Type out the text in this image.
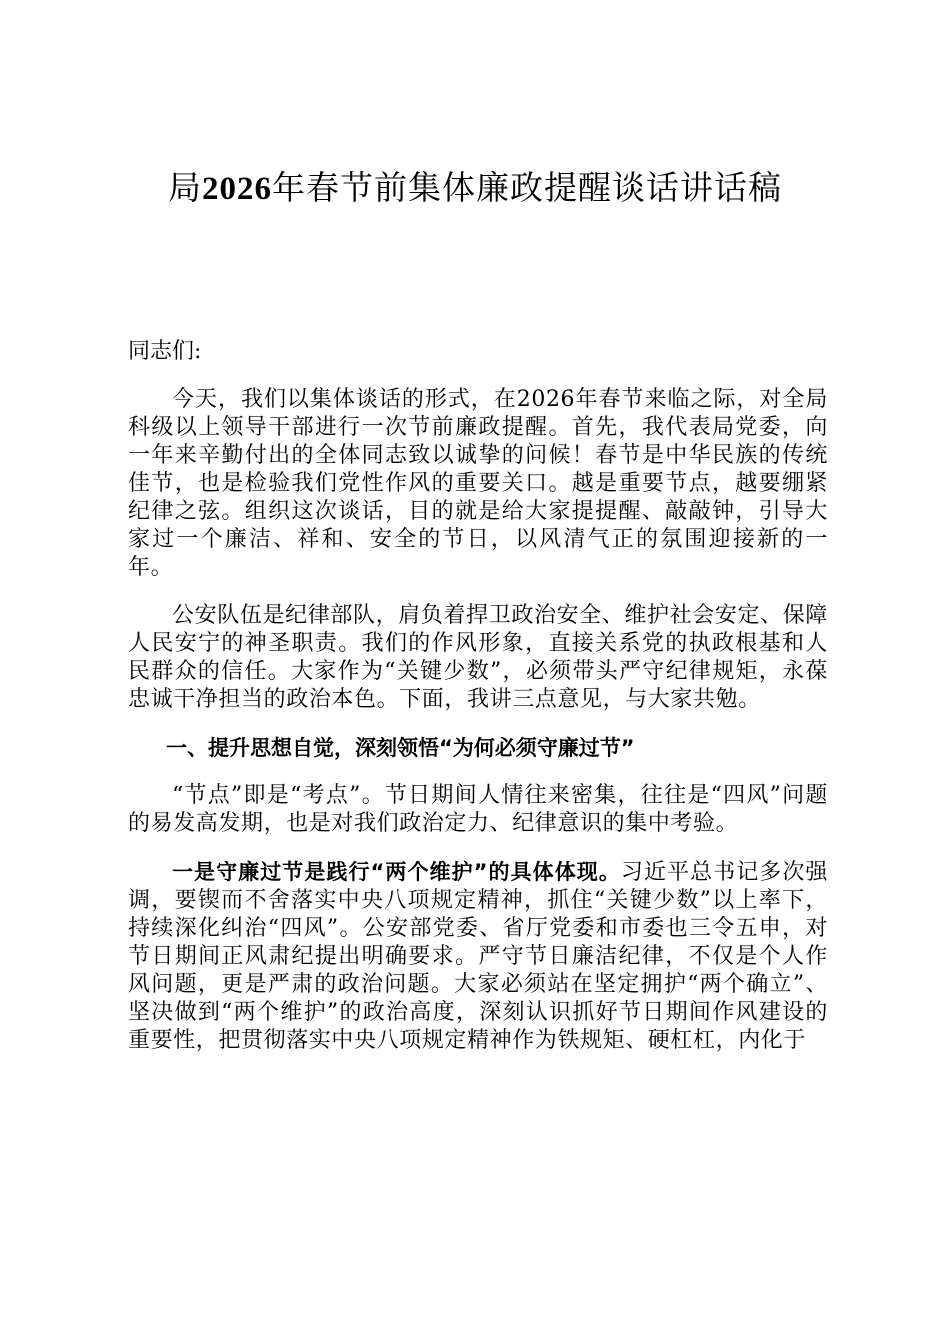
局2026年春节前集体廉政提醒谈话讲话稿
同志们:

今天，我们以集体谈话的形式，在2026年春节来临之际，对全局科级以上领导干部进行一次节前廉政提醒。首先，我代表局党委，向一年来辛勤付出的全体同志致以诚挚的问候！春节是中华民族的传统佳节，也是检验我们党性作风的重要关口。越是重要节点，越要绷紧纪律之弦。组织这次谈话，目的就是给大家提提醒、敲敲钟，引导大家过一个廉洁、祥和、安全的节日，以风清气正的氛围迎接新的一年。

公安队伍是纪律部队，肩负着捍卫政治安全、维护社会安定、保障人民安宁的神圣职责。我们的作风形象，直接关系党的执政根基和人民群众的信任。大家作为“关键少数”，必须带头严守纪律规矩，永葆忠诚干净担当的政治本色。下面，我讲三点意见，与大家共勉。

一、提升思想自觉，深刻领悟“为何必须守廉过节”

“节点”即是“考点”。节日期间人情往来密集，往往是“四风”问题的易发高发期，也是对我们政治定力、纪律意识的集中考验。

一是守廉过节是践行“两个维护”的具体体现。习近平总书记多次强调，要锲而不舍落实中央八项规定精神，抓住“关键少数”以上率下，持续深化纠治“四风”。公安部党委、省厅党委和市委也三令五申，对节日期间正风肃纪提出明确要求。严守节日廉洁纪律，不仅是个人作风问题，更是严肃的政治问题。大家必须站在坚定拥护“两个确立”、坚决做到“两个维护”的政治高度，深刻认识抓好节日期间作风建设的重要性，把贯彻落实中央八项规定精神作为铁规矩、硬杠杠，内化于
